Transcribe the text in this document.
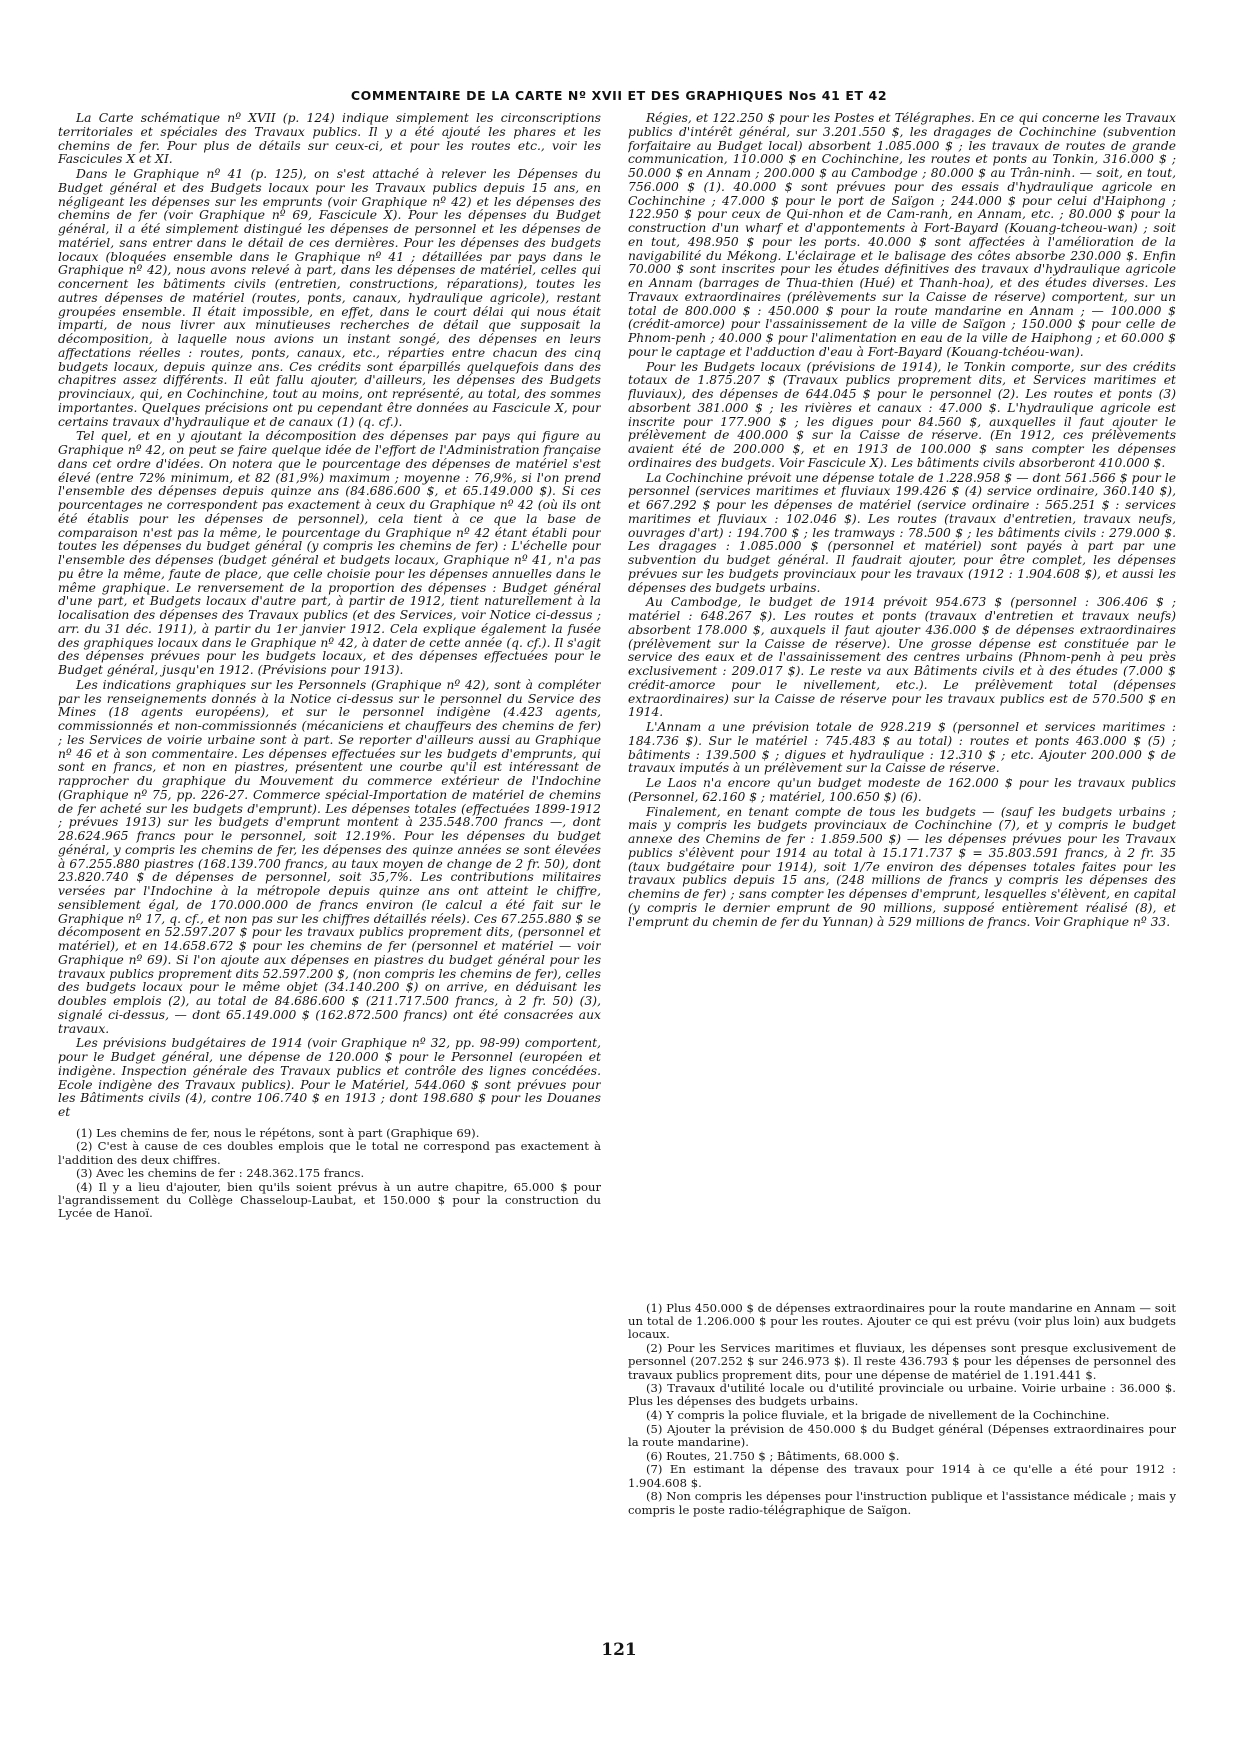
COMMENTAIRE DE LA CARTE Nº XVII ET DES GRAPHIQUES Nos 41 ET 42

La Carte schématique nº XVII (p. 124) indique simplement les circonscriptions territoriales et spéciales des Travaux publics. Il y a été ajouté les phares et les chemins de fer. Pour plus de détails sur ceux-ci, et pour les routes etc., voir les Fascicules X et XI.

Dans le Graphique nº 41 (p. 125), on s'est attaché à relever les Dépenses du Budget général et des Budgets locaux pour les Travaux publics depuis 15 ans, en négligeant les dépenses sur les emprunts (voir Graphique nº 42) et les dépenses des chemins de fer (voir Graphique nº 69, Fascicule X). Pour les dépenses du Budget général, il a été simplement distingué les dépenses de personnel et les dépenses de matériel, sans entrer dans le détail de ces dernières. Pour les dépenses des budgets locaux (bloquées ensemble dans le Graphique nº 41 ; détaillées par pays dans le Graphique nº 42), nous avons relevé à part, dans les dépenses de matériel, celles qui concernent les bâtiments civils (entretien, constructions, réparations), toutes les autres dépenses de matériel (routes, ponts, canaux, hydraulique agricole), restant groupées ensemble. Il était impossible, en effet, dans le court délai qui nous était imparti, de nous livrer aux minutieuses recherches de détail que supposait la décomposition, à laquelle nous avions un instant songé, des dépenses en leurs affectations réelles : routes, ponts, canaux, etc., réparties entre chacun des cinq budgets locaux, depuis quinze ans. Ces crédits sont éparpillés quelquefois dans des chapitres assez différents. Il eût fallu ajouter, d'ailleurs, les dépenses des Budgets provinciaux, qui, en Cochinchine, tout au moins, ont représenté, au total, des sommes importantes. Quelques précisions ont pu cependant être données au Fascicule X, pour certains travaux d'hydraulique et de canaux (1) (q. cf.).

Tel quel, et en y ajoutant la décomposition des dépenses par pays qui figure au Graphique nº 42, on peut se faire quelque idée de l'effort de l'Administration française dans cet ordre d'idées. On notera que le pourcentage des dépenses de matériel s'est élevé (entre 72% minimum, et 82 (81,9%) maximum ; moyenne : 76,9%, si l'on prend l'ensemble des dépenses depuis quinze ans (84.686.600 $, et 65.149.000 $). Si ces pourcentages ne correspondent pas exactement à ceux du Graphique nº 42 (où ils ont été établis pour les dépenses de personnel), cela tient à ce que la base de comparaison n'est pas la même, le pourcentage du Graphique nº 42 étant établi pour toutes les dépenses du budget général (y compris les chemins de fer) : L'échelle pour l'ensemble des dépenses (budget général et budgets locaux, Graphique nº 41, n'a pas pu être la même, faute de place, que celle choisie pour les dépenses annuelles dans le même graphique. Le renversement de la proportion des dépenses : Budget général d'une part, et Budgets locaux d'autre part, à partir de 1912, tient naturellement à la localisation des dépenses des Travaux publics (et des Services, voir Notice ci-dessus ; arr. du 31 déc. 1911), à partir du 1er janvier 1912. Cela explique également la fusée des graphiques locaux dans le Graphique nº 42, à dater de cette année (q. cf.). Il s'agit des dépenses prévues pour les budgets locaux, et des dépenses effectuées pour le Budget général, jusqu'en 1912. (Prévisions pour 1913).

Les indications graphiques sur les Personnels (Graphique nº 42), sont à compléter par les renseignements donnés à la Notice ci-dessus sur le personnel du Service des Mines (18 agents européens), et sur le personnel indigène (4.423 agents, commissionnés et non-commissionnés (mécaniciens et chauffeurs des chemins de fer) ; les Services de voirie urbaine sont à part. Se reporter d'ailleurs aussi au Graphique nº 46 et à son commentaire. Les dépenses effectuées sur les budgets d'emprunts, qui sont en francs, et non en piastres, présentent une courbe qu'il est intéressant de rapprocher du graphique du Mouvement du commerce extérieur de l'Indochine (Graphique nº 75, pp. 226-27. Commerce spécial-Importation de matériel de chemins de fer acheté sur les budgets d'emprunt). Les dépenses totales (effectuées 1899-1912 ; prévues 1913) sur les budgets d'emprunt montent à 235.548.700 francs —, dont 28.624.965 francs pour le personnel, soit 12.19%. Pour les dépenses du budget général, y compris les chemins de fer, les dépenses des quinze années se sont élevées à 67.255.880 piastres (168.139.700 francs, au taux moyen de change de 2 fr. 50), dont 23.820.740 $ de dépenses de personnel, soit 35,7%. Les contributions militaires versées par l'Indochine à la métropole depuis quinze ans ont atteint le chiffre, sensiblement égal, de 170.000.000 de francs environ (le calcul a été fait sur le Graphique nº 17, q. cf., et non pas sur les chiffres détaillés réels). Ces 67.255.880 $ se décomposent en 52.597.207 $ pour les travaux publics proprement dits, (personnel et matériel), et en 14.658.672 $ pour les chemins de fer (personnel et matériel — voir Graphique nº 69). Si l'on ajoute aux dépenses en piastres du budget général pour les travaux publics proprement dits 52.597.200 $, (non compris les chemins de fer), celles des budgets locaux pour le même objet (34.140.200 $) on arrive, en déduisant les doubles emplois (2), au total de 84.686.600 $ (211.717.500 francs, à 2 fr. 50) (3), signalé ci-dessus, — dont 65.149.000 $ (162.872.500 francs) ont été consacrées aux travaux.

Les prévisions budgétaires de 1914 (voir Graphique nº 32, pp. 98-99) comportent, pour le Budget général, une dépense de 120.000 $ pour le Personnel (européen et indigène. Inspection générale des Travaux publics et contrôle des lignes concédées. Ecole indigène des Travaux publics). Pour le Matériel, 544.060 $ sont prévues pour les Bâtiments civils (4), contre 106.740 $ en 1913 ; dont 198.680 $ pour les Douanes et

(1) Les chemins de fer, nous le répétons, sont à part (Graphique 69).

(2) C'est à cause de ces doubles emplois que le total ne correspond pas exactement à l'addition des deux chiffres.

(3) Avec les chemins de fer : 248.362.175 francs.

(4) Il y a lieu d'ajouter, bien qu'ils soient prévus à un autre chapitre, 65.000 $ pour l'agrandissement du Collège Chasseloup-Laubat, et 150.000 $ pour la construction du Lycée de Hanoï.

Régies, et 122.250 $ pour les Postes et Télégraphes. En ce qui concerne les Travaux publics d'intérêt général, sur 3.201.550 $, les dragages de Cochinchine (subvention forfaitaire au Budget local) absorbent 1.085.000 $ ; les travaux de routes de grande communication, 110.000 $ en Cochinchine, les routes et ponts au Tonkin, 316.000 $ ; 50.000 $ en Annam ; 200.000 $ au Cambodge ; 80.000 $ au Trân-ninh. — soit, en tout, 756.000 $ (1). 40.000 $ sont prévues pour des essais d'hydraulique agricole en Cochinchine ; 47.000 $ pour le port de Saïgon ; 244.000 $ pour celui d'Haiphong ; 122.950 $ pour ceux de Qui-nhon et de Cam-ranh, en Annam, etc. ; 80.000 $ pour la construction d'un wharf et d'appontements à Fort-Bayard (Kouang-tcheou-wan) ; soit en tout, 498.950 $ pour les ports. 40.000 $ sont affectées à l'amélioration de la navigabilité du Mékong. L'éclairage et le balisage des côtes absorbe 230.000 $. Enfin 70.000 $ sont inscrites pour les études définitives des travaux d'hydraulique agricole en Annam (barrages de Thua-thien (Hué) et Thanh-hoa), et des études diverses. Les Travaux extraordinaires (prélèvements sur la Caisse de réserve) comportent, sur un total de 800.000 $ : 450.000 $ pour la route mandarine en Annam ; — 100.000 $ (crédit-amorce) pour l'assainissement de la ville de Saïgon ; 150.000 $ pour celle de Phnom-penh ; 40.000 $ pour l'alimentation en eau de la ville de Haiphong ; et 60.000 $ pour le captage et l'adduction d'eau à Fort-Bayard (Kouang-tchéou-wan).

Pour les Budgets locaux (prévisions de 1914), le Tonkin comporte, sur des crédits totaux de 1.875.207 $ (Travaux publics proprement dits, et Services maritimes et fluviaux), des dépenses de 644.045 $ pour le personnel (2). Les routes et ponts (3) absorbent 381.000 $ ; les rivières et canaux : 47.000 $. L'hydraulique agricole est inscrite pour 177.900 $ ; les digues pour 84.560 $, auxquelles il faut ajouter le prélèvement de 400.000 $ sur la Caisse de réserve. (En 1912, ces prélèvements avaient été de 200.000 $, et en 1913 de 100.000 $ sans compter les dépenses ordinaires des budgets. Voir Fascicule X). Les bâtiments civils absorberont 410.000 $.

La Cochinchine prévoit une dépense totale de 1.228.958 $ — dont 561.566 $ pour le personnel (services maritimes et fluviaux 199.426 $ (4) service ordinaire, 360.140 $), et 667.292 $ pour les dépenses de matériel (service ordinaire : 565.251 $ : services maritimes et fluviaux : 102.046 $). Les routes (travaux d'entretien, travaux neufs, ouvrages d'art) : 194.700 $ ; les tramways : 78.500 $ ; les bâtiments civils : 279.000 $. Les dragages : 1.085.000 $ (personnel et matériel) sont payés à part par une subvention du budget général. Il faudrait ajouter, pour être complet, les dépenses prévues sur les budgets provinciaux pour les travaux (1912 : 1.904.608 $), et aussi les dépenses des budgets urbains.

Au Cambodge, le budget de 1914 prévoit 954.673 $ (personnel : 306.406 $ ; matériel : 648.267 $). Les routes et ponts (travaux d'entretien et travaux neufs) absorbent 178.000 $, auxquels il faut ajouter 436.000 $ de dépenses extraordinaires (prélèvement sur la Caisse de réserve). Une grosse dépense est constituée par le service des eaux et de l'assainissement des centres urbains (Phnom-penh à peu près exclusivement : 209.017 $). Le reste va aux Bâtiments civils et à des études (7.000 $ crédit-amorce pour le nivellement, etc.). Le prélèvement total (dépenses extraordinaires) sur la Caisse de réserve pour les travaux publics est de 570.500 $ en 1914.

L'Annam a une prévision totale de 928.219 $ (personnel et services maritimes : 184.736 $). Sur le matériel : 745.483 $ au total) : routes et ponts 463.000 $ (5) ; bâtiments : 139.500 $ ; digues et hydraulique : 12.310 $ ; etc. Ajouter 200.000 $ de travaux imputés à un prélèvement sur la Caisse de réserve.

Le Laos n'a encore qu'un budget modeste de 162.000 $ pour les travaux publics (Personnel, 62.160 $ ; matériel, 100.650 $) (6).

Finalement, en tenant compte de tous les budgets — (sauf les budgets urbains ; mais y compris les budgets provinciaux de Cochinchine (7), et y compris le budget annexe des Chemins de fer : 1.859.500 $) — les dépenses prévues pour les Travaux publics s'élèvent pour 1914 au total à 15.171.737 $ = 35.803.591 francs, à 2 fr. 35 (taux budgétaire pour 1914), soit 1/7e environ des dépenses totales faites pour les travaux publics depuis 15 ans, (248 millions de francs y compris les dépenses des chemins de fer) ; sans compter les dépenses d'emprunt, lesquelles s'élèvent, en capital (y compris le dernier emprunt de 90 millions, supposé entièrement réalisé (8), et l'emprunt du chemin de fer du Yunnan) à 529 millions de francs. Voir Graphique nº 33.

(1) Plus 450.000 $ de dépenses extraordinaires pour la route mandarine en Annam — soit un total de 1.206.000 $ pour les routes. Ajouter ce qui est prévu (voir plus loin) aux budgets locaux.

(2) Pour les Services maritimes et fluviaux, les dépenses sont presque exclusivement de personnel (207.252 $ sur 246.973 $). Il reste 436.793 $ pour les dépenses de personnel des travaux publics proprement dits, pour une dépense de matériel de 1.191.441 $.

(3) Travaux d'utilité locale ou d'utilité provinciale ou urbaine. Voirie urbaine : 36.000 $. Plus les dépenses des budgets urbains.

(4) Y compris la police fluviale, et la brigade de nivellement de la Cochinchine.

(5) Ajouter la prévision de 450.000 $ du Budget général (Dépenses extraordinaires pour la route mandarine).

(6) Routes, 21.750 $ ; Bâtiments, 68.000 $.

(7) En estimant la dépense des travaux pour 1914 à ce qu'elle a été pour 1912 : 1.904.608 $.

(8) Non compris les dépenses pour l'instruction publique et l'assistance médicale ; mais y compris le poste radio-télégraphique de Saïgon.

121
